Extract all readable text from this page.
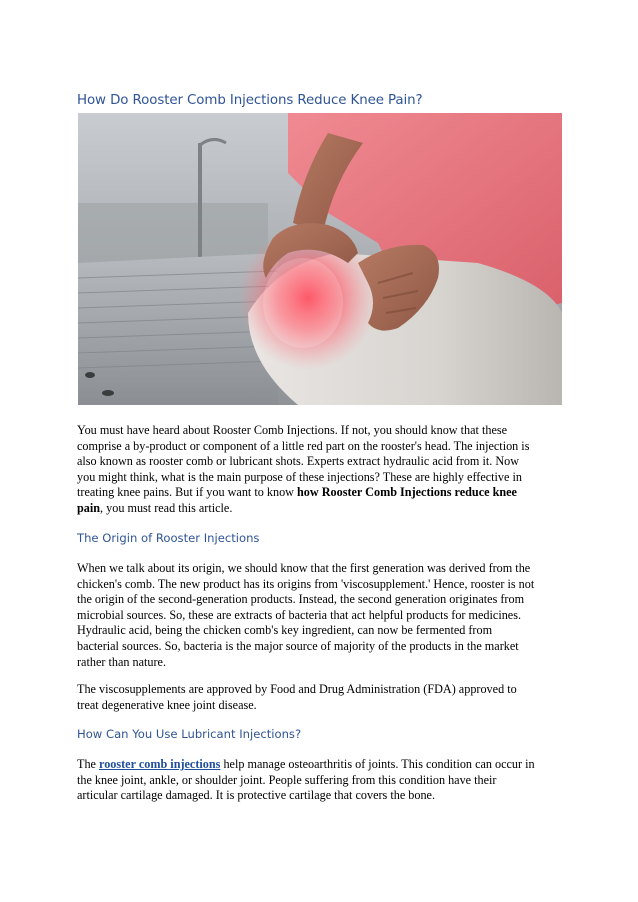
How Do Rooster Comb Injections Reduce Knee Pain?
You must have heard about Rooster Comb Injections. If not, you should know that these
comprise a by-product or component of a little red part on the rooster's head. The injection is
also known as rooster comb or lubricant shots. Experts extract hydraulic acid from it. Now
you might think, what is the main purpose of these injections? These are highly effective in
treating knee pains. But if you want to know how Rooster Comb Injections reduce knee
pain, you must read this article.
The Origin of Rooster Injections
When we talk about its origin, we should know that the first generation was derived from the
chicken's comb. The new product has its origins from 'viscosupplement.' Hence, rooster is not
the origin of the second-generation products. Instead, the second generation originates from
microbial sources. So, these are extracts of bacteria that act helpful products for medicines.
Hydraulic acid, being the chicken comb's key ingredient, can now be fermented from
bacterial sources. So, bacteria is the major source of majority of the products in the market
rather than nature.
The viscosupplements are approved by Food and Drug Administration (FDA) approved to
treat degenerative knee joint disease.
How Can You Use Lubricant Injections?
The rooster comb injections help manage osteoarthritis of joints. This condition can occur in
the knee joint, ankle, or shoulder joint. People suffering from this condition have their
articular cartilage damaged. It is protective cartilage that covers the bone.
